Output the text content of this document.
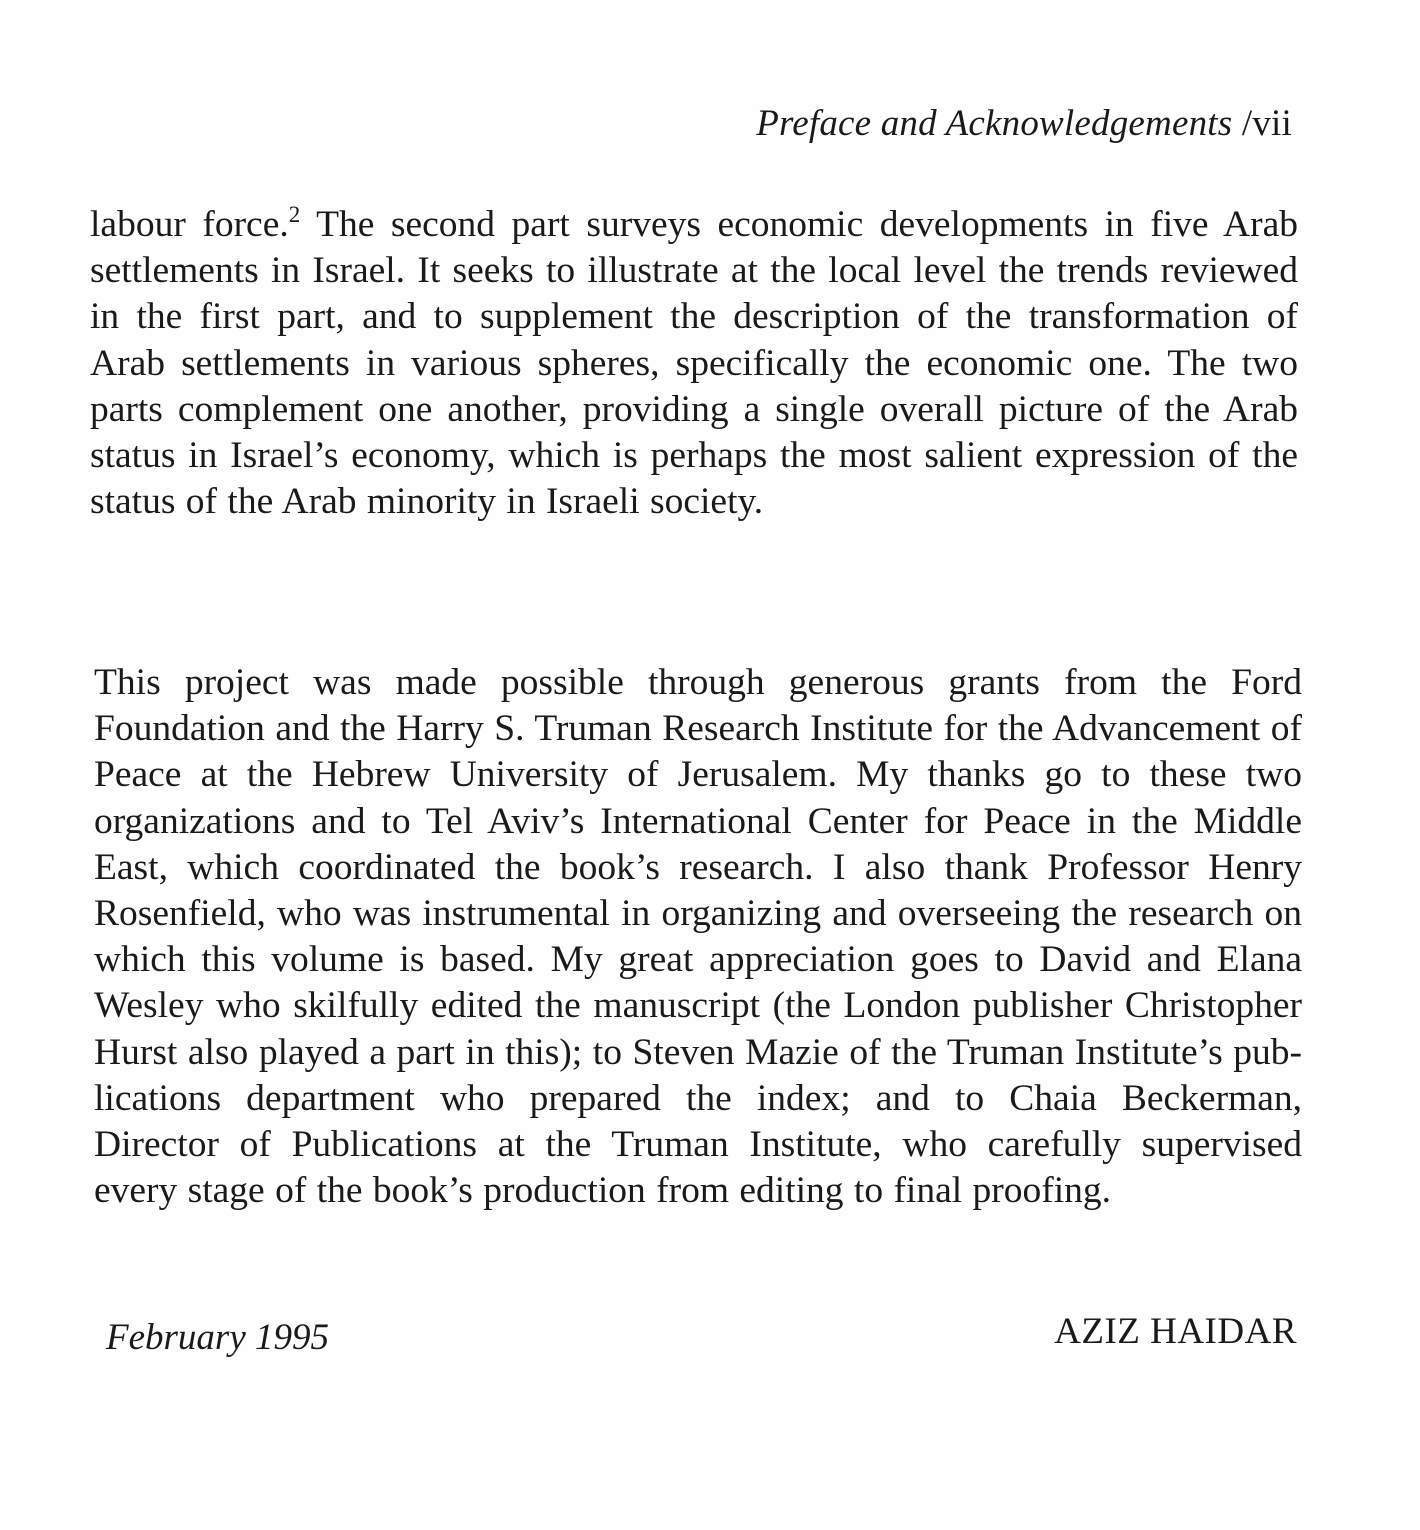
Preface and Acknowledgements /vii

labour force.$^2$ The second part surveys economic developments in five Arab settlements in Israel. It seeks to illustrate at the local level the trends reviewed in the first part, and to supplement the description of the transformation of Arab settlements in various spheres, specifically the economic one. The two parts complement one another, providing a single overall picture of the Arab status in Israel’s economy, which is perhaps the most salient expression of the status of the Arab minority in Israeli society.

This project was made possible through generous grants from the Ford Foundation and the Harry S. Truman Research Institute for the Advancement of Peace at the Hebrew University of Jerusalem. My thanks go to these two organizations and to Tel Aviv’s International Center for Peace in the Middle East, which coordinated the book’s research. I also thank Professor Henry Rosenfield, who was instrumental in organizing and overseeing the research on which this volume is based. My great appreciation goes to David and Elana Wesley who skilfully edited the manuscript (the London publisher Christopher Hurst also played a part in this); to Steven Mazie of the Truman Institute’s publications department who prepared the index; and to Chaia Beckerman, Director of Publications at the Truman Institute, who carefully supervised every stage of the book’s production from editing to final proofing.

February 1995	AZIZ HAIDAR
